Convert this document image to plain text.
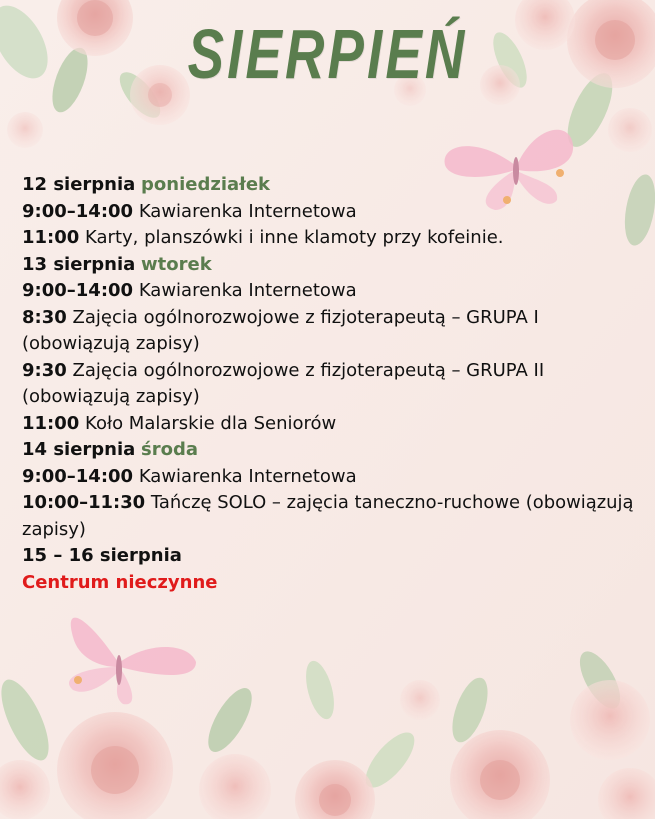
SIERPIEŃ
12 sierpnia poniedziałek
9:00–14:00 Kawiarenka Internetowa
11:00 Karty, planszówki i inne klamoty przy kofeinie.
13 sierpnia wtorek
9:00–14:00 Kawiarenka Internetowa
8:30 Zajęcia ogólnorozwojowe z fizjoterapeutą – GRUPA I
(obowiązują zapisy)
9:30 Zajęcia ogólnorozwojowe z fizjoterapeutą – GRUPA II
(obowiązują zapisy)
11:00 Koło Malarskie dla Seniorów
14 sierpnia środa
9:00–14:00 Kawiarenka Internetowa
10:00–11:30 Tańczę SOLO – zajęcia taneczno-ruchowe (obowiązują
zapisy)
15 – 16 sierpnia
Centrum nieczynne
